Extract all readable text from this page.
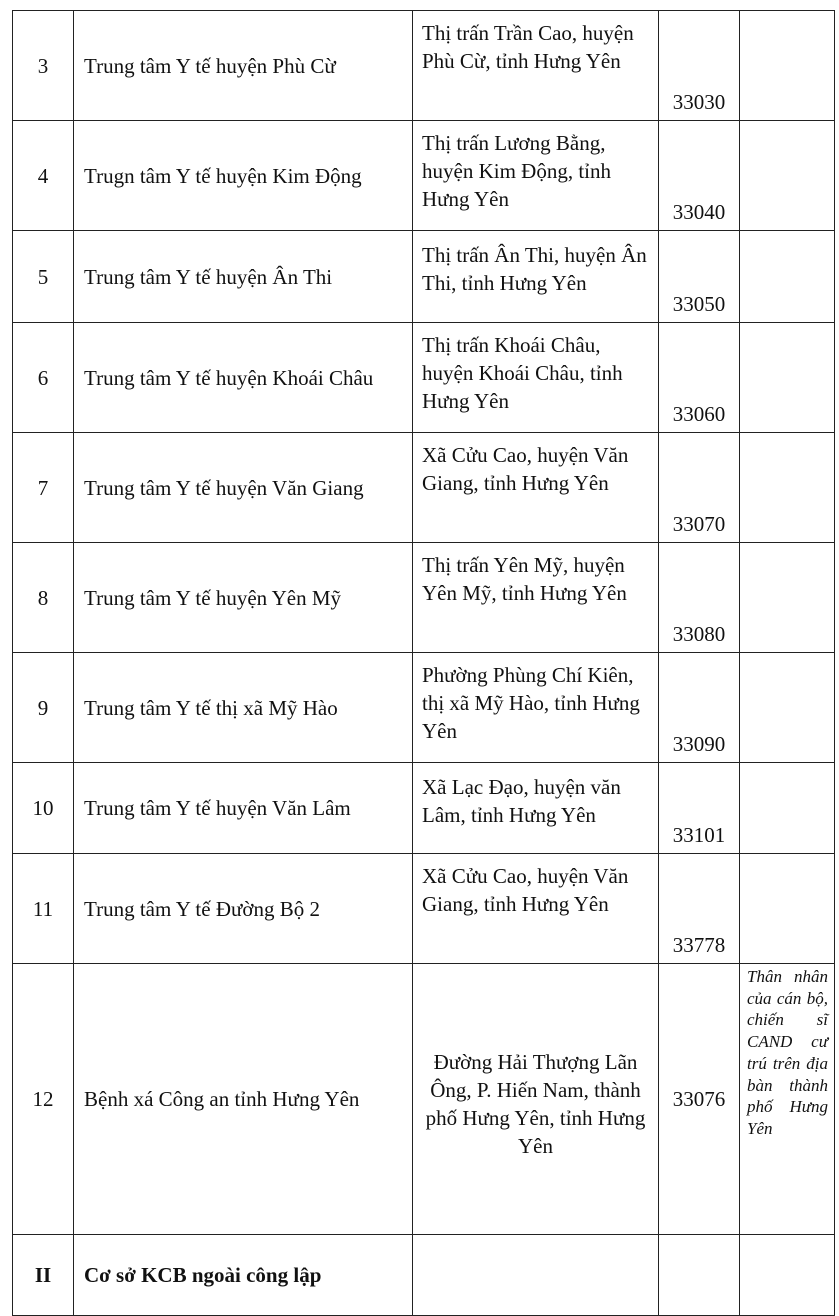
3	Trung tâm Y tế huyện Phù Cừ	Thị trấn Trần Cao, huyện Phù Cừ, tỉnh Hưng Yên	33030	
4	Trugn tâm Y tế huyện Kim Động	Thị trấn Lương Bằng, huyện Kim Động, tỉnh Hưng Yên	33040	
5	Trung tâm Y tế huyện Ân Thi	Thị trấn Ân Thi, huyện Ân Thi, tỉnh Hưng Yên	33050	
6	Trung tâm Y tế huyện Khoái Châu	Thị trấn Khoái Châu, huyện Khoái Châu, tỉnh Hưng Yên	33060	
7	Trung tâm Y tế huyện Văn Giang	Xã Cửu Cao, huyện Văn Giang, tỉnh Hưng Yên	33070	
8	Trung tâm Y tế huyện Yên Mỹ	Thị trấn Yên Mỹ, huyện Yên Mỹ, tỉnh Hưng Yên	33080	
9	Trung tâm Y tế thị xã Mỹ Hào	Phường Phùng Chí Kiên, thị xã Mỹ Hào, tỉnh Hưng Yên	33090	
10	Trung tâm Y tế huyện Văn Lâm	Xã Lạc Đạo, huyện văn Lâm, tỉnh Hưng Yên	33101	
11	Trung tâm Y tế Đường Bộ 2	Xã Cửu Cao, huyện Văn Giang, tỉnh Hưng Yên	33778	
12	Bệnh xá Công an tỉnh Hưng Yên	Đường Hải Thượng Lãn Ông, P. Hiến Nam, thành phố Hưng Yên, tỉnh Hưng Yên	33076	Thân nhân của cán bộ, chiến sĩ CAND cư trú trên địa bàn thành phố Hưng Yên
II	Cơ sở KCB ngoài công lập			
